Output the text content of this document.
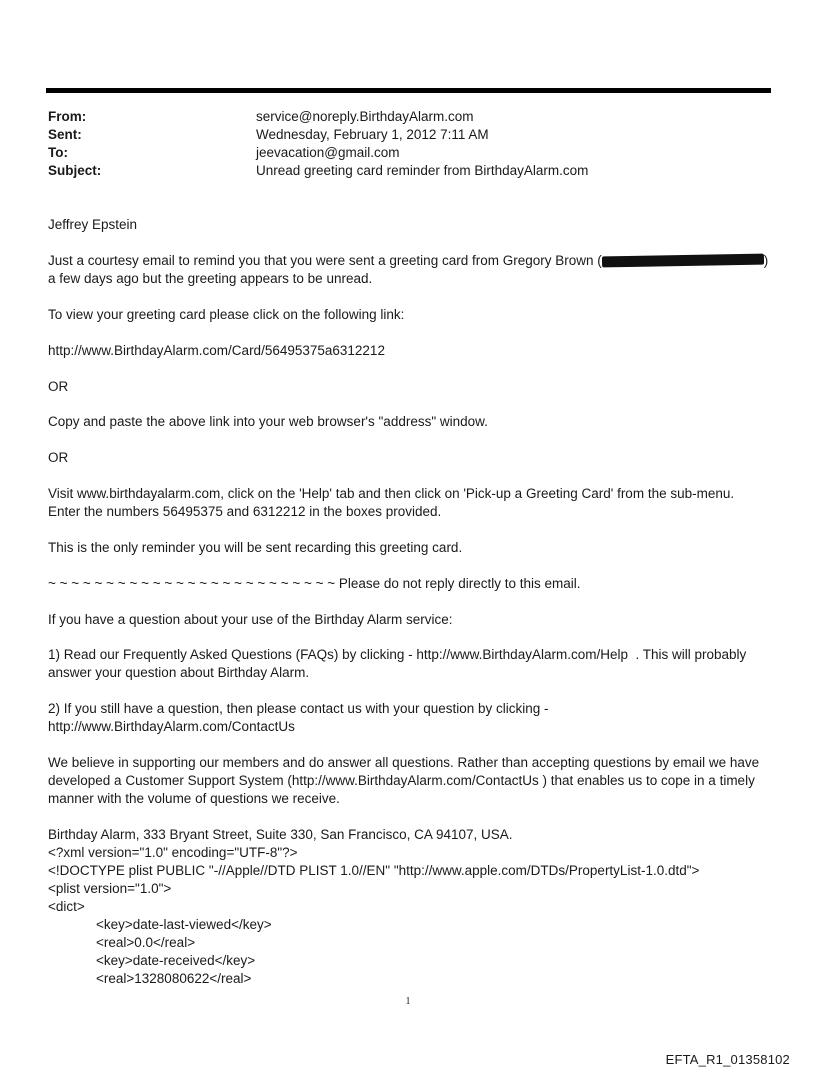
From:	service@noreply.BirthdayAlarm.com
Sent:	Wednesday, February 1, 2012 7:11 AM
To:	jeevacation@gmail.com
Subject:	Unread greeting card reminder from BirthdayAlarm.com

Jeffrey Epstein

Just a courtesy email to remind you that you were sent a greeting card from Gregory Brown (	)
a few days ago but the greeting appears to be unread.

To view your greeting card please click on the following link:

http://www.BirthdayAlarm.com/Card/56495375a6312212

OR

Copy and paste the above link into your web browser's "address" window.

OR

Visit www.birthdayalarm.com, click on the 'Help' tab and then click on 'Pick-up a Greeting Card' from the sub-menu.
Enter the numbers 56495375 and 6312212 in the boxes provided.

This is the only reminder you will be sent recarding this greeting card.

~ ~ ~ ~ ~ ~ ~ ~ ~ ~ ~ ~ ~ ~ ~ ~ ~ ~ ~ ~ ~ ~ ~ ~ ~ Please do not reply directly to this email.

If you have a question about your use of the Birthday Alarm service:

1) Read our Frequently Asked Questions (FAQs) by clicking - http://www.BirthdayAlarm.com/Help  . This will probably
answer your question about Birthday Alarm.

2) If you still have a question, then please contact us with your question by clicking -
http://www.BirthdayAlarm.com/ContactUs

We believe in supporting our members and do answer all questions. Rather than accepting questions by email we have
developed a Customer Support System (http://www.BirthdayAlarm.com/ContactUs ) that enables us to cope in a timely
manner with the volume of questions we receive.

Birthday Alarm, 333 Bryant Street, Suite 330, San Francisco, CA 94107, USA.
<?xml version="1.0" encoding="UTF-8"?>
<!DOCTYPE plist PUBLIC "-//Apple//DTD PLIST 1.0//EN" "http://www.apple.com/DTDs/PropertyList-1.0.dtd">
<plist version="1.0">
<dict>
<key>date-last-viewed</key>
<real>0.0</real>
<key>date-received</key>
<real>1328080622</real>

1
EFTA_R1_01358102
